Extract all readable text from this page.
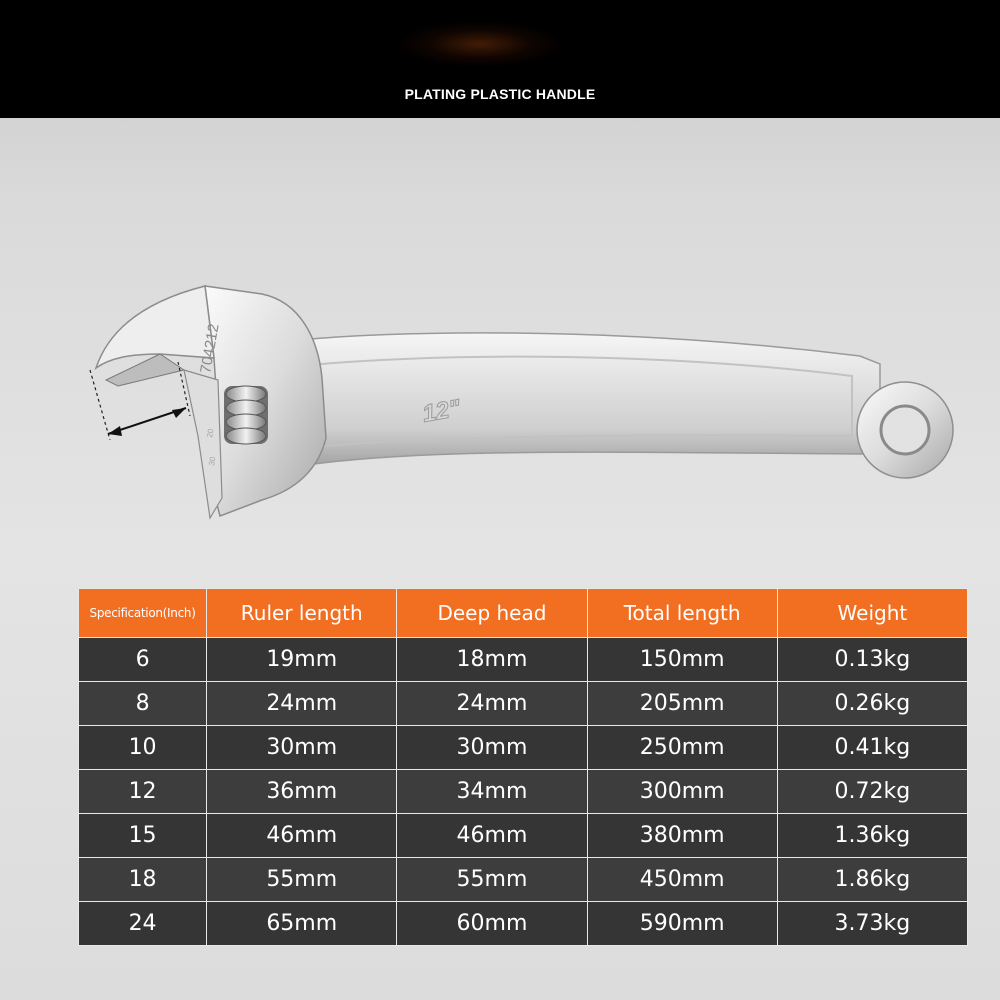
PLATING PLASTIC HANDLE
704212
12"
20
30
Specification(Inch)	Ruler length	Deep head	Total length	Weight
6	19mm	18mm	150mm	0.13kg
8	24mm	24mm	205mm	0.26kg
10	30mm	30mm	250mm	0.41kg
12	36mm	34mm	300mm	0.72kg
15	46mm	46mm	380mm	1.36kg
18	55mm	55mm	450mm	1.86kg
24	65mm	60mm	590mm	3.73kg
